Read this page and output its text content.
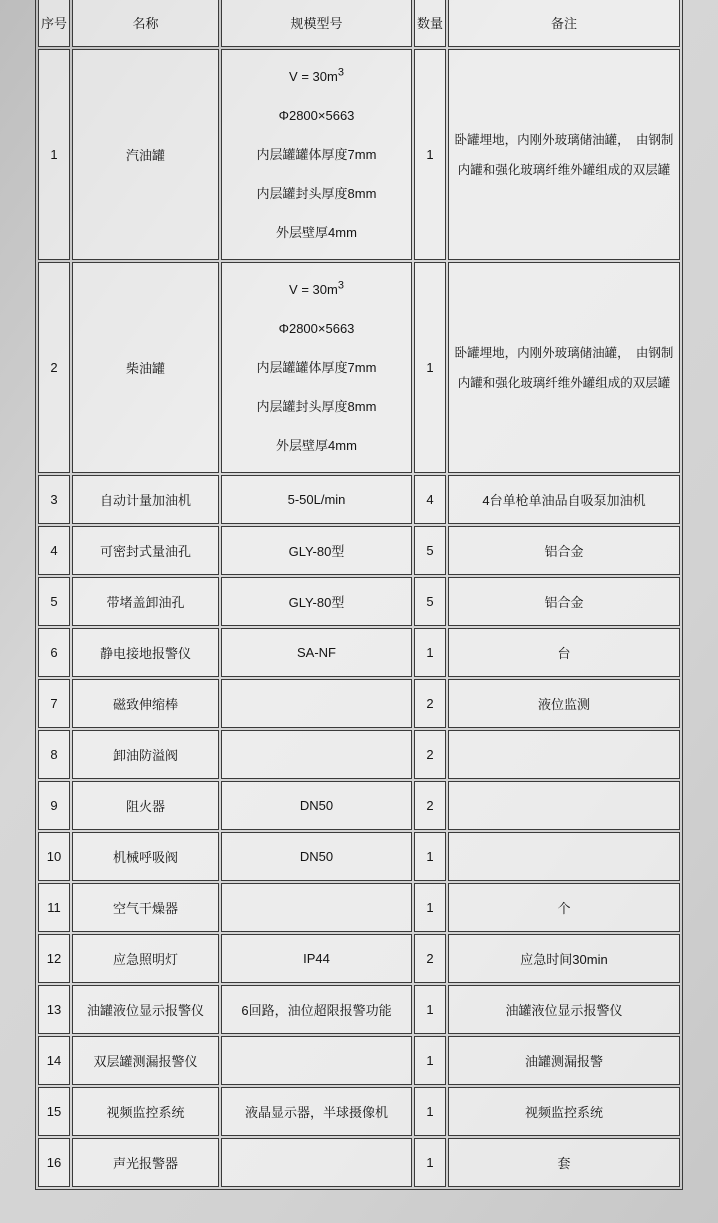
序号	名称	规模型号	数量	备注
1	汽油罐	$V = 30m^3$
Φ2800×5663
内层罐罐体厚度7mm
内层罐封头厚度8mm
外层壁厚4mm	1	卧罐埋地，内刚外玻璃储油罐，　由钢制内罐和强化玻璃纤维外罐组成的双层罐
2	柴油罐	$V = 30m^3$
Φ2800×5663
内层罐罐体厚度7mm
内层罐封头厚度8mm
外层壁厚4mm	1	卧罐埋地，内刚外玻璃储油罐，　由钢制内罐和强化玻璃纤维外罐组成的双层罐
3	自动计量加油机	5-50L/min	4	4台单枪单油品自吸泵加油机
4	可密封式量油孔	GLY-80型	5	铝合金
5	带堵盖卸油孔	GLY-80型	5	铝合金
6	静电接地报警仪	SA-NF	1	台
7	磁致伸缩棒		2	液位监测
8	卸油防溢阀		2	
9	阻火器	DN50	2	
10	机械呼吸阀	DN50	1	
11	空气干燥器		1	个
12	应急照明灯	IP44	2	应急时间30min
13	油罐液位显示报警仪	6回路，油位超限报警功能	1	油罐液位显示报警仪
14	双层罐测漏报警仪		1	油罐测漏报警
15	视频监控系统	液晶显示器，半球摄像机	1	视频监控系统
16	声光报警器		1	套
